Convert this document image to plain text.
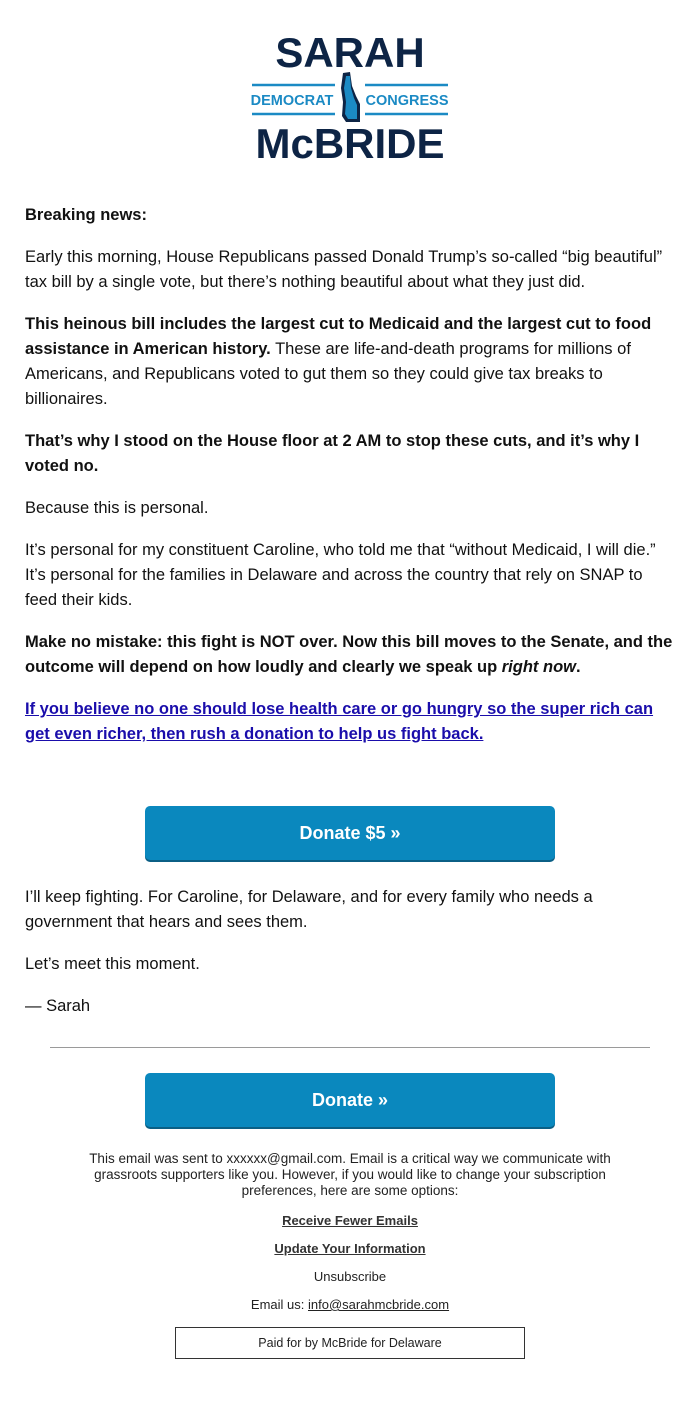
SARAH
DEMOCRAT CONGRESS
McBRIDE

Breaking news:

Early this morning, House Republicans passed Donald Trump’s so-called “big beautiful” tax bill by a single vote, but there’s nothing beautiful about what they just did.

This heinous bill includes the largest cut to Medicaid and the largest cut to food assistance in American history. These are life-and-death programs for millions of Americans, and Republicans voted to gut them so they could give tax breaks to billionaires.

That’s why I stood on the House floor at 2 AM to stop these cuts, and it’s why I voted no.

Because this is personal.

It’s personal for my constituent Caroline, who told me that “without Medicaid, I will die.” It’s personal for the families in Delaware and across the country that rely on SNAP to feed their kids.

Make no mistake: this fight is NOT over. Now this bill moves to the Senate, and the outcome will depend on how loudly and clearly we speak up right now.

If you believe no one should lose health care or go hungry so the super rich can get even richer, then rush a donation to help us fight back.

Donate $5 »

I’ll keep fighting. For Caroline, for Delaware, and for every family who needs a government that hears and sees them.

Let’s meet this moment.

— Sarah

Donate »

This email was sent to xxxxxx@gmail.com. Email is a critical way we communicate with grassroots supporters like you. However, if you would like to change your subscription preferences, here are some options:

Receive Fewer Emails
Update Your Information
Unsubscribe
Email us: info@sarahmcbride.com
Paid for by McBride for Delaware
